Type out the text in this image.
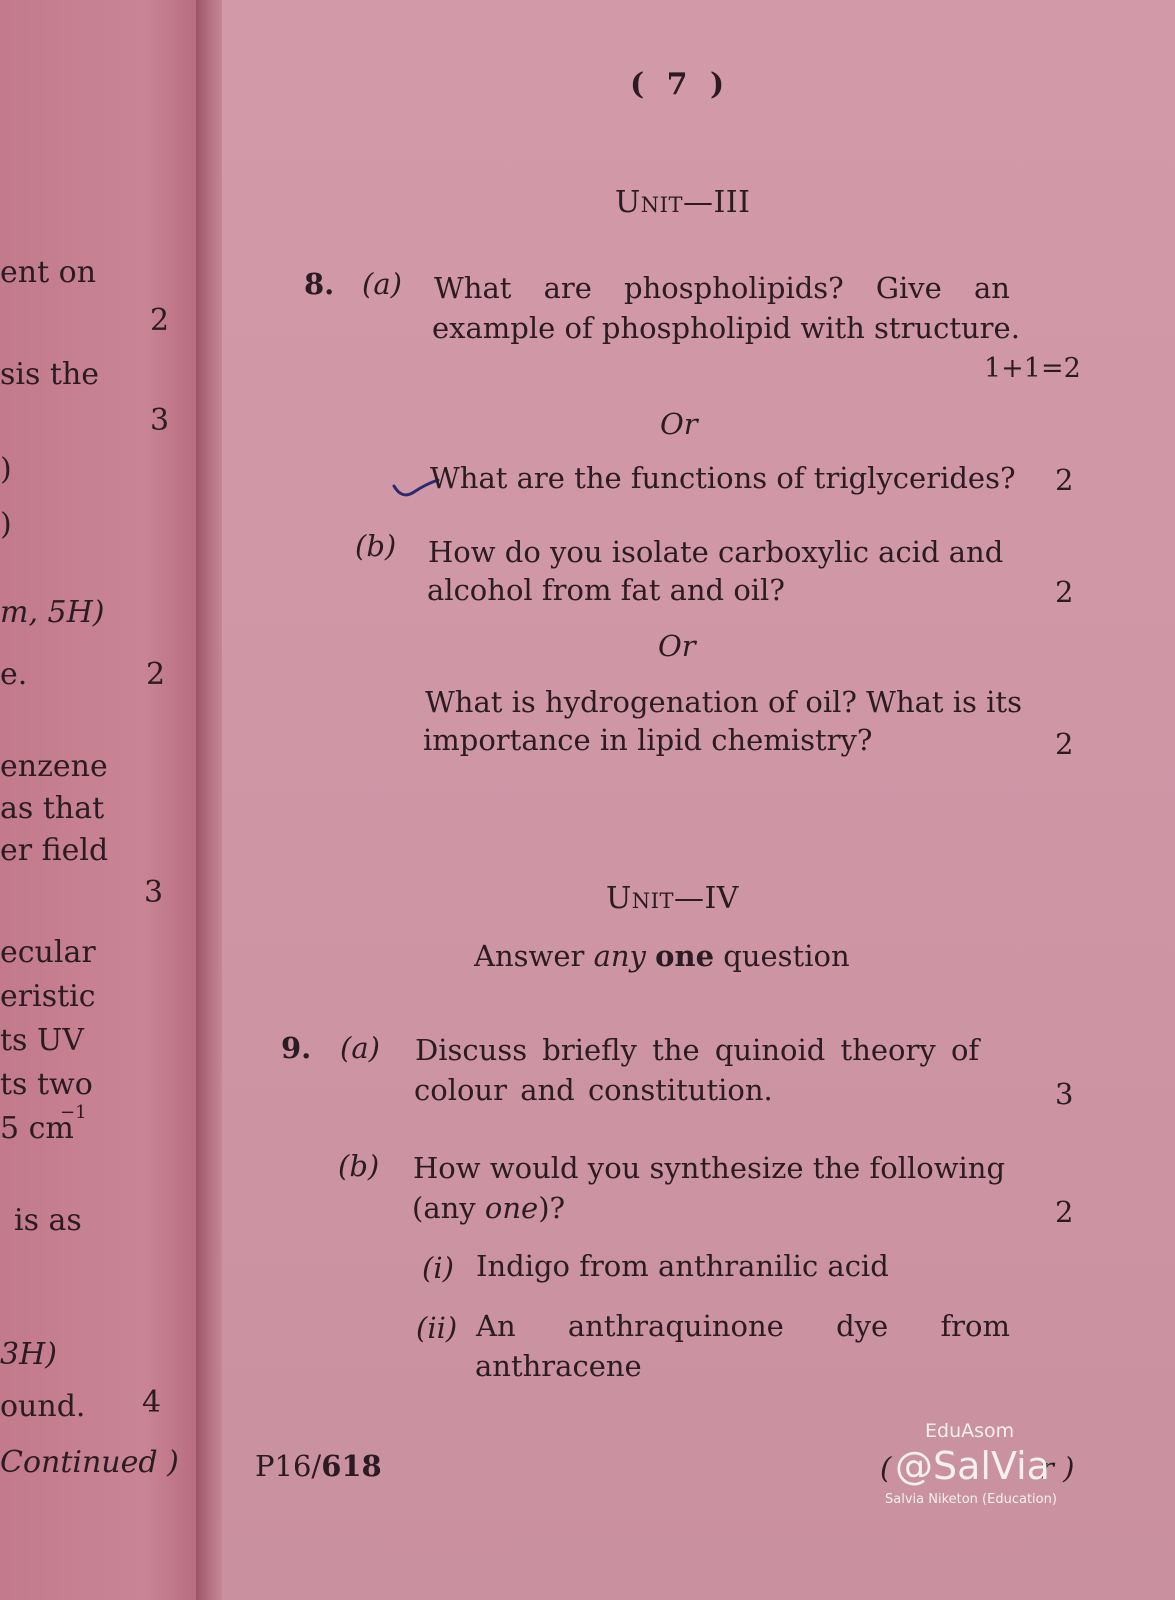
ent on
2
sis the
3
)
)
m, 5H)
e.	2
enzene
as that
er field
3
ecular
eristic
ts UV
ts two
5 cm
−1
is as
3H)
ound. 4
Continued )
( 7 )
Unit—III
8. (a) What are phospholipids? Give an
example of phospholipid with structure.
1+1=2
Or
What are the functions of triglycerides? 2
(b) How do you isolate carboxylic acid and
alcohol from fat and oil?	2
Or
What is hydrogenation of oil? What is its
importance in lipid chemistry?	2
Unit—IV
Answer any one question
9. (a) Discuss briefly the quinoid theory of
colour and constitution.	3
(b) How would you synthesize the following
(any one)?	2
(i) Indigo from anthranilic acid
(ii) An anthraquinone dye from
anthracene
P16/618	(	r )
EduAsom
@SalVia
Salvia Niketon (Education)
